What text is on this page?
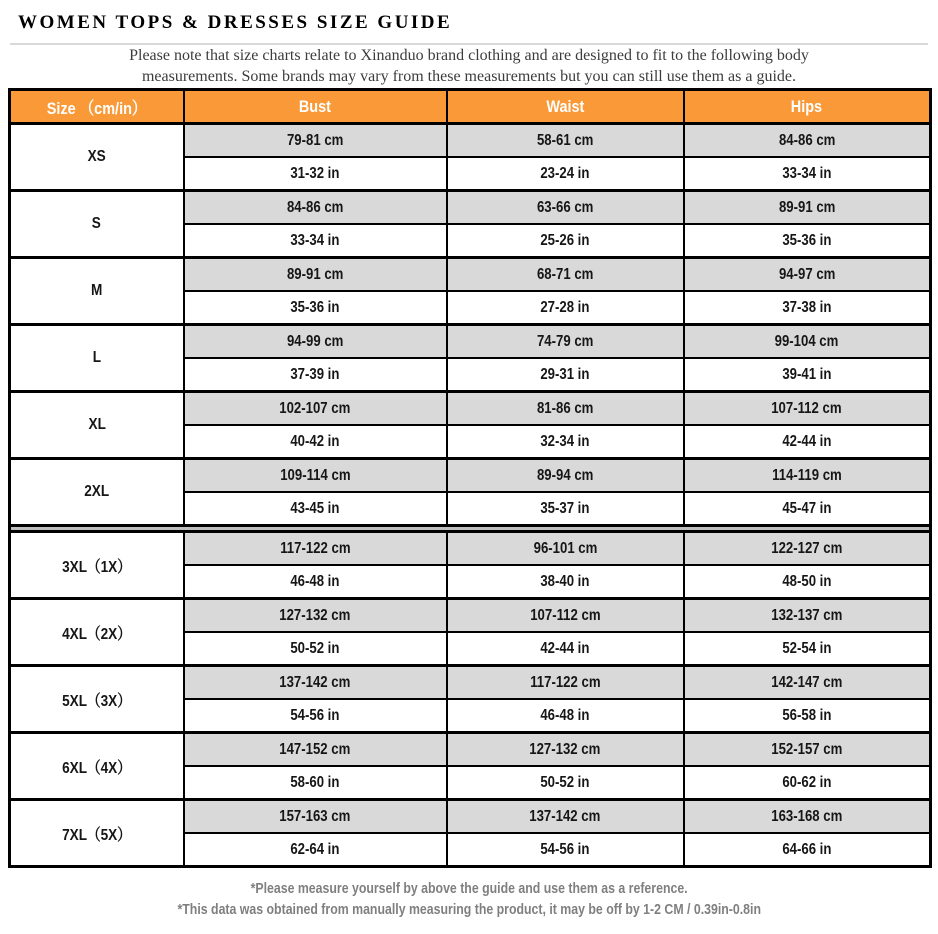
WOMEN TOPS & DRESSES SIZE GUIDE
Please note that size charts relate to Xinanduo brand clothing and are designed to fit to the following body
measurements. Some brands may vary from these measurements but you can still use them as a guide.
Size （cm/in）	Bust	Waist	Hips
XS	79-81 cm	58-61 cm	84-86 cm
	31-32 in	23-24 in	33-34 in
S	84-86 cm	63-66 cm	89-91 cm
	33-34 in	25-26 in	35-36 in
M	89-91 cm	68-71 cm	94-97 cm
	35-36 in	27-28 in	37-38 in
L	94-99 cm	74-79 cm	99-104 cm
	37-39 in	29-31 in	39-41 in
XL	102-107 cm	81-86 cm	107-112 cm
	40-42 in	32-34 in	42-44 in
2XL	109-114 cm	89-94 cm	114-119 cm
	43-45 in	35-37 in	45-47 in

3XL（1X）	117-122 cm	96-101 cm	122-127 cm
	46-48 in	38-40 in	48-50 in
4XL（2X）	127-132 cm	107-112 cm	132-137 cm
	50-52 in	42-44 in	52-54 in
5XL（3X）	137-142 cm	117-122 cm	142-147 cm
	54-56 in	46-48 in	56-58 in
6XL（4X）	147-152 cm	127-132 cm	152-157 cm
	58-60 in	50-52 in	60-62 in
7XL（5X）	157-163 cm	137-142 cm	163-168 cm
	62-64 in	54-56 in	64-66 in
*Please measure yourself by above the guide and use them as a reference.
*This data was obtained from manually measuring the product, it may be off by 1-2 CM / 0.39in-0.8in
